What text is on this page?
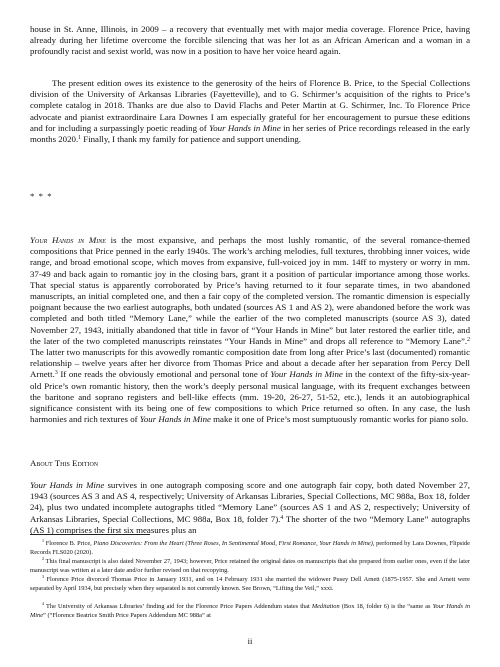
house in St. Anne, Illinois, in 2009 – a recovery that eventually met with major media coverage. Florence Price, having already during her lifetime overcome the forcible silencing that was her lot as an African American and a woman in a profoundly racist and sexist world, was now in a position to have her voice heard again.

The present edition owes its existence to the generosity of the heirs of Florence B. Price, to the Special Collections division of the University of Arkansas Libraries (Fayetteville), and to G. Schirmer’s acquisition of the rights to Price’s complete catalog in 2018. Thanks are due also to David Flachs and Peter Martin at G. Schirmer, Inc. To Florence Price advocate and pianist extraordinaire Lara Downes I am especially grateful for her encouragement to pursue these editions and for including a surpassingly poetic reading of Your Hands in Mine in her series of Price recordings released in the early months 2020.$^1$ Finally, I thank my family for patience and support unending.

* * *

Your Hands in Mine is the most expansive, and perhaps the most lushly romantic, of the several romance-themed compositions that Price penned in the early 1940s. The work’s arching melodies, full textures, throbbing inner voices, wide range, and broad emotional scope, which moves from expansive, full-voiced joy in mm. 14ff to mystery or worry in mm. 37-49 and back again to romantic joy in the closing bars, grant it a position of particular importance among those works. That special status is apparently corroborated by Price’s having returned to it four separate times, in two abandoned manuscripts, an initial completed one, and then a fair copy of the completed version. The romantic dimension is especially poignant because the two earliest autographs, both undated (sources AS 1 and AS 2), were abandoned before the work was completed and both titled “Memory Lane,” while the earlier of the two completed manuscripts (source AS 3), dated November 27, 1943, initially abandoned that title in favor of “Your Hands in Mine” but later restored the earlier title, and the later of the two completed manuscripts reinstates “Your Hands in Mine” and drops all reference to “Memory Lane”.$^2$ The latter two manuscripts for this avowedly romantic composition date from long after Price’s last (documented) romantic relationship – twelve years after her divorce from Thomas Price and about a decade after her separation from Percy Dell Arnett.$^3$ If one reads the obviously emotional and personal tone of Your Hands in Mine in the context of the fifty-six-year-old Price’s own romantic history, then the work’s deeply personal musical language, with its frequent exchanges between the baritone and soprano registers and bell-like effects (mm. 19-20, 26-27, 51-52, etc.), lends it an autobiographical significance consistent with its being one of few compositions to which Price returned so often. In any case, the lush harmonies and rich textures of Your Hands in Mine make it one of Price’s most sumptuously romantic works for piano solo.

About This Edition

Your Hands in Mine survives in one autograph composing score and one autograph fair copy, both dated November 27, 1943 (sources AS 3 and AS 4, respectively; University of Arkansas Libraries, Special Collections, MC 988a, Box 18, folder 24), plus two undated incomplete autographs titled “Memory Lane” (sources AS 1 and AS 2, respectively; University of Arkansas Libraries, Special Collections, MC 988a, Box 18, folder 7).$^4$ The shorter of the two “Memory Lane” autographs (AS 1) comprises the first six measures plus an

$^1$ Florence B. Price, Piano Discoveries: From the Heart (Three Roses, In Sentimental Mood, First Romance, Your Hands in Mine), performed by Lara Downes, Flipside Records FLS020 (2020).

$^2$ This final manuscript is also dated November 27, 1943; however, Price retained the original dates on manuscripts that she prepared from earlier ones, even if the later manuscript was written at a later date and/or further revised on that recopying.

$^3$ Florence Price divorced Thomas Price in January 1931, and on 14 February 1931 she married the widower Pusey Dell Arnett (1875-1957. She and Arnett were separated by April 1934, but precisely when they separated is not currently known. See Brown, “Lifting the Veil,” xxxi.

$^4$ The University of Arkansas Libraries’ finding aid for the Florence Price Papers Addendum states that Meditation (Box 18, folder 6) is the “same as Your Hands in Mine” (“Florence Beatrice Smith Price Papers Addendum MC 988a” at

ii
